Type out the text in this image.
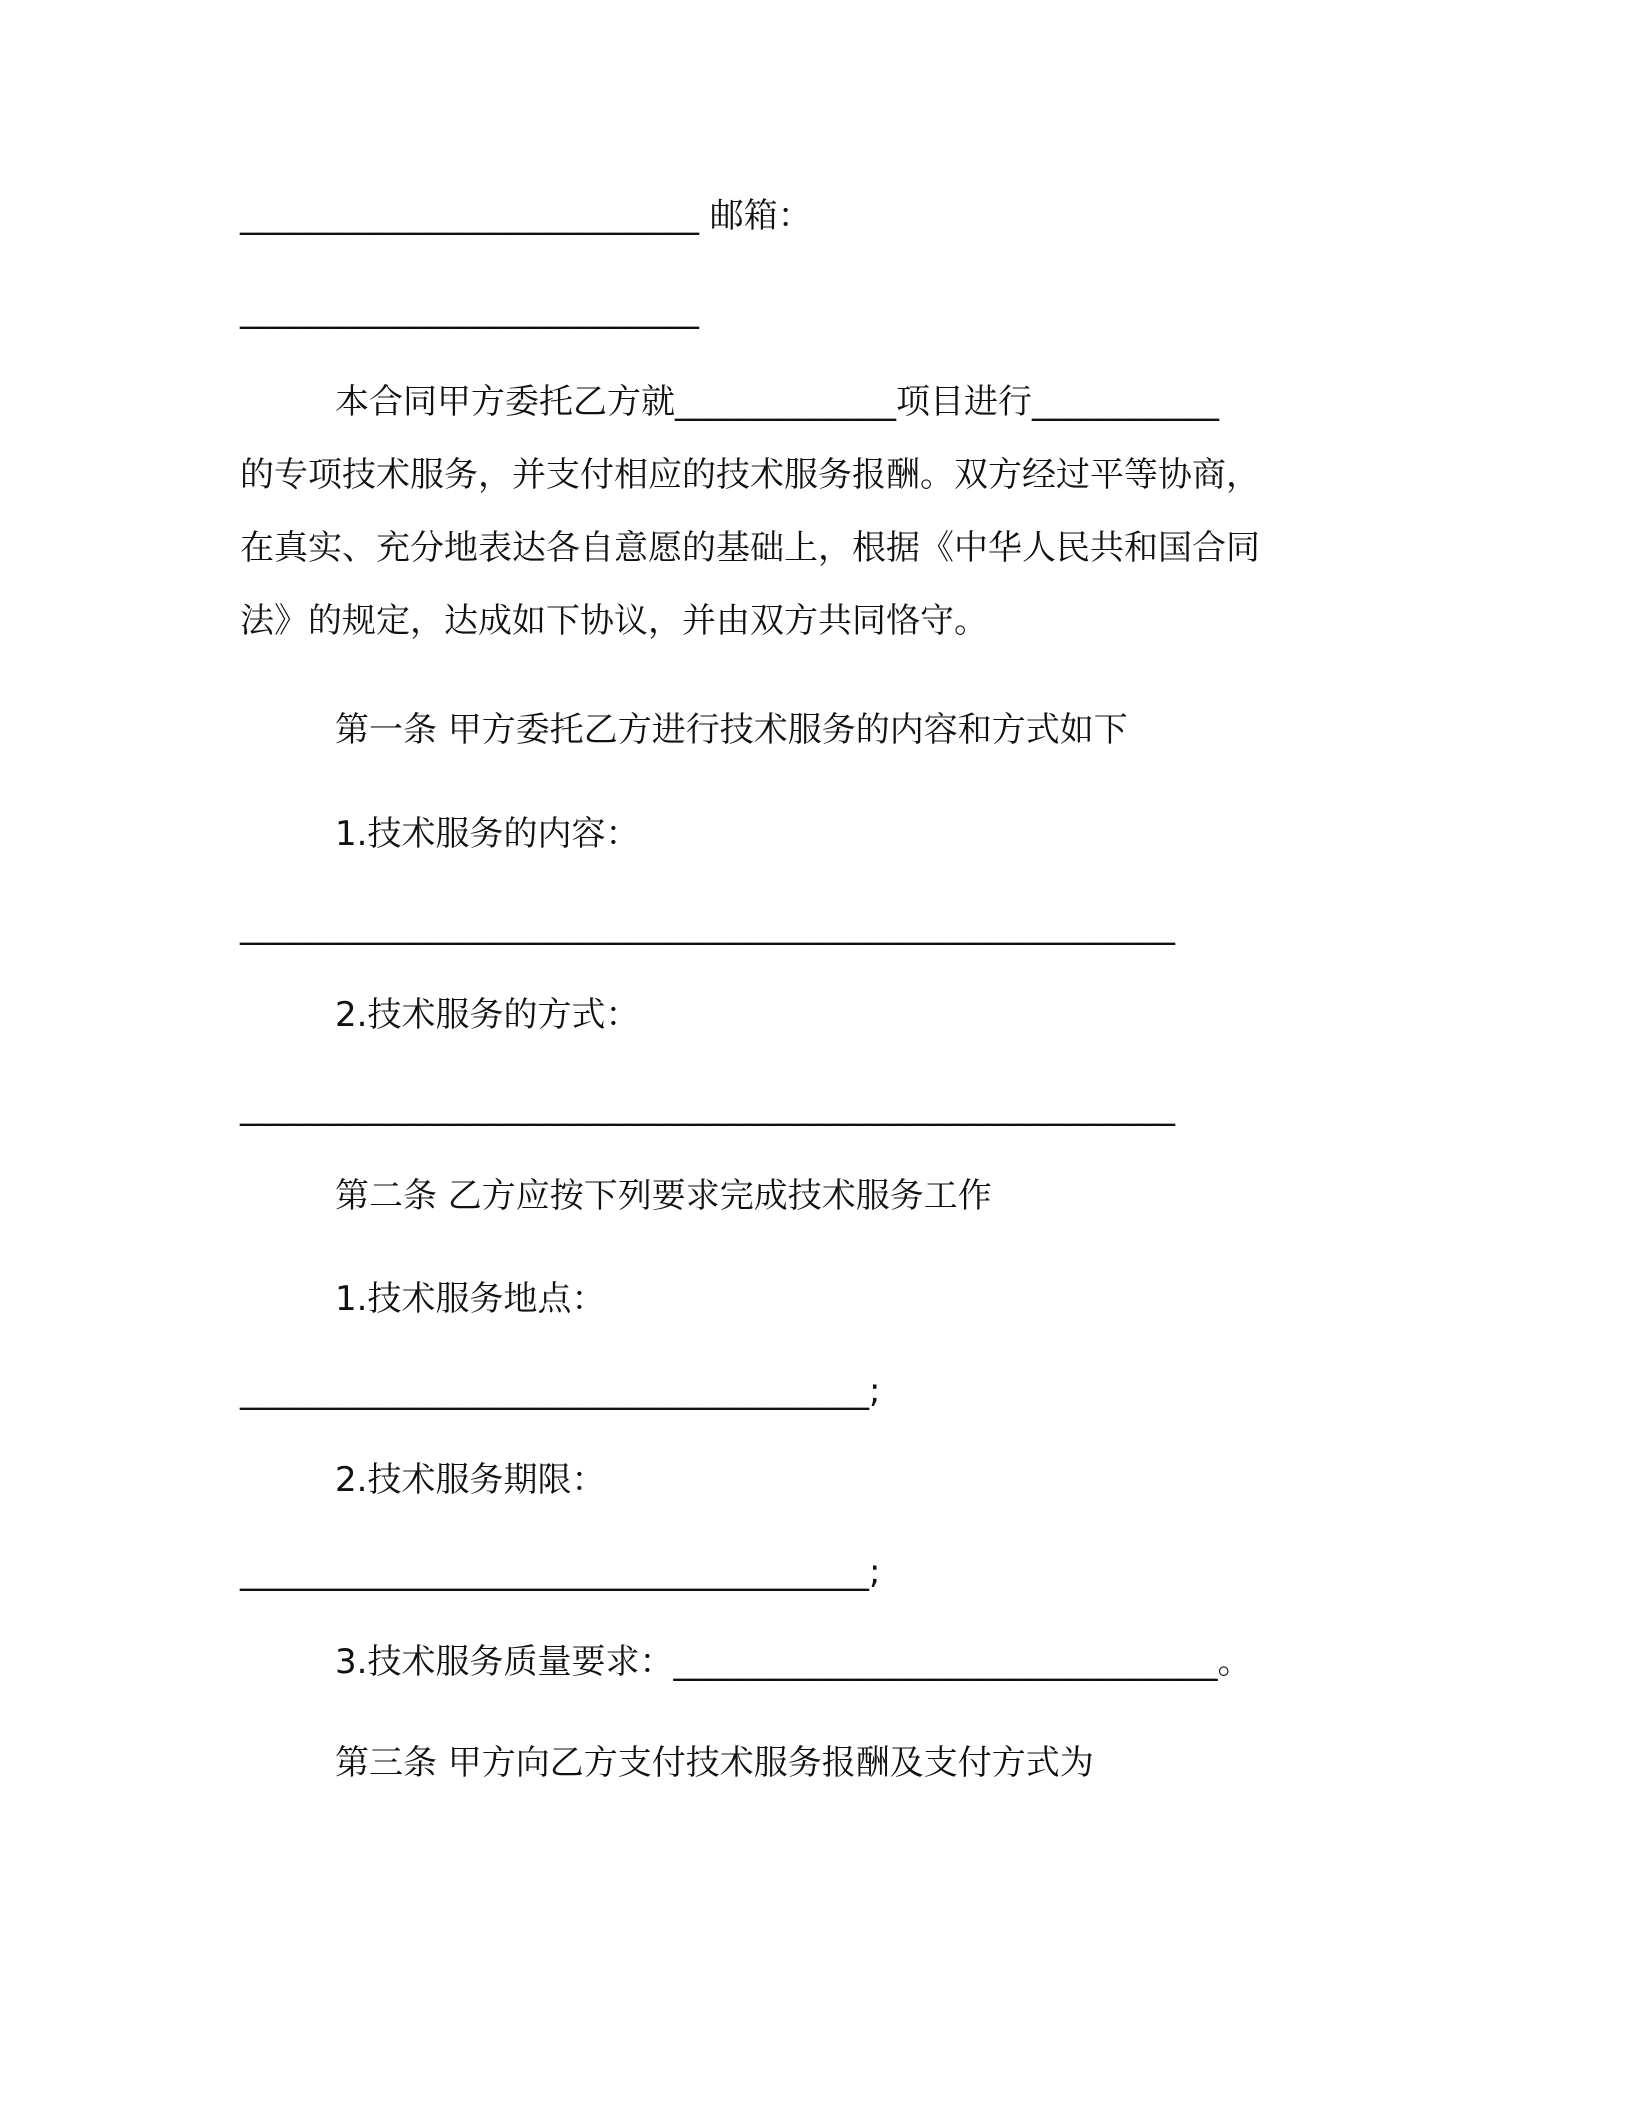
___________________________ 邮箱：
___________________________
本合同甲方委托乙方就_____________项目进行___________
的专项技术服务，并支付相应的技术服务报酬。双方经过平等协商，
在真实、充分地表达各自意愿的基础上，根据《中华人民共和国合同
法》的规定，达成如下协议，并由双方共同恪守。
第一条 甲方委托乙方进行技术服务的内容和方式如下
1.技术服务的内容：
_______________________________________________________
2.技术服务的方式：
_______________________________________________________
第二条 乙方应按下列要求完成技术服务工作
1.技术服务地点：
_____________________________________;
2.技术服务期限：
_____________________________________;
3.技术服务质量要求：________________________________。
第三条 甲方向乙方支付技术服务报酬及支付方式为
